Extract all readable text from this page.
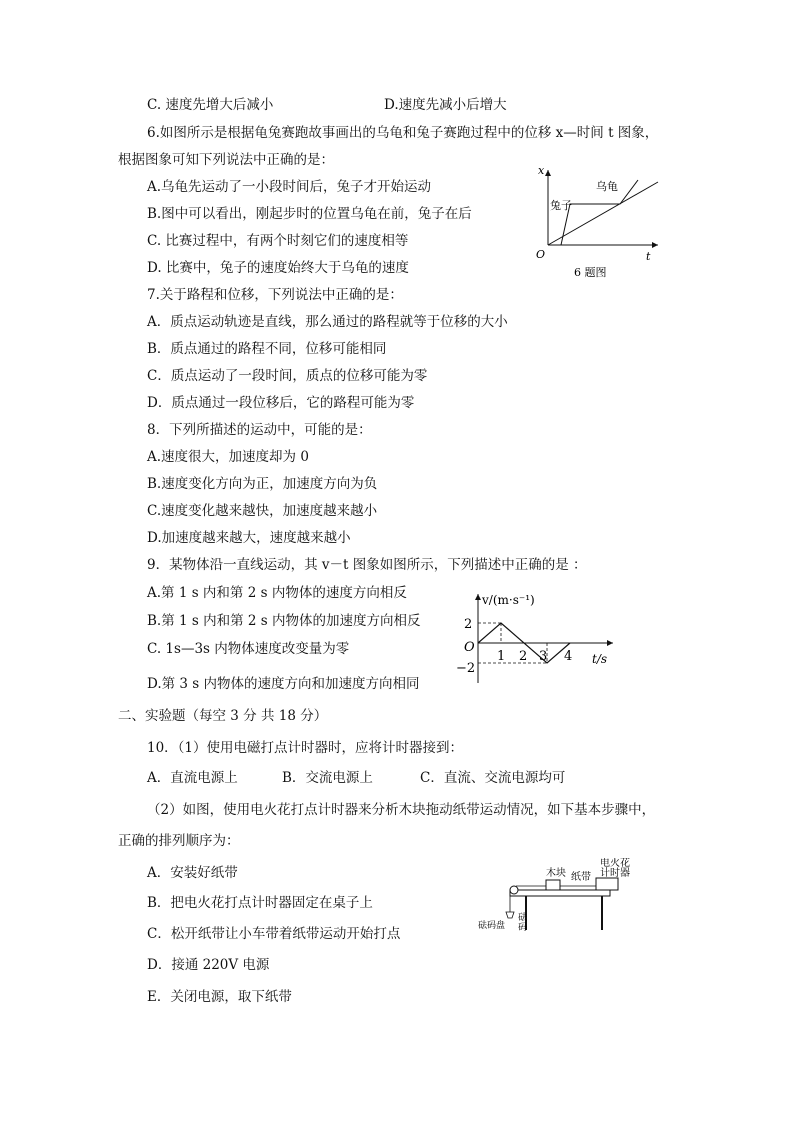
C. 速度先增大后减小	D.速度先减小后增大
6.如图所示是根据龟兔赛跑故事画出的乌龟和兔子赛跑过程中的位移 x—时间 t 图象，
根据图象可知下列说法中正确的是：
A.乌龟先运动了一小段时间后，兔子才开始运动
B.图中可以看出，刚起步时的位置乌龟在前，兔子在后
C. 比赛过程中，有两个时刻它们的速度相等
D. 比赛中，兔子的速度始终大于乌龟的速度
x
t
O
乌龟
兔子
6 题图
7.关于路程和位移，下列说法中正确的是：
A．质点运动轨迹是直线，那么通过的路程就等于位移的大小
B．质点通过的路程不同，位移可能相同
C．质点运动了一段时间，质点的位移可能为零
D．质点通过一段位移后，它的路程可能为零
8．下列所描述的运动中，可能的是：
A.速度很大，加速度却为 0
B.速度变化方向为正，加速度方向为负
C.速度变化越来越快，加速度越来越小
D.加速度越来越大，速度越来越小
9．某物体沿一直线运动，其 v－t 图象如图所示，下列描述中正确的是 ：
A.第 1 s 内和第 2 s 内物体的速度方向相反
B.第 1 s 内和第 2 s 内物体的加速度方向相反
C. 1s—3s 内物体速度改变量为零
D.第 3 s 内物体的速度方向和加速度方向相同
v/(m·s⁻¹)
t/s
O
2
−2
1 2 3 4
二、实验题（每空 3 分 共 18 分）
10．（1）使用电磁打点计时器时，应将计时器接到：
A．直流电源上	B．交流电源上	C．直流、交流电源均可
（2）如图，使用电火花打点计时器来分析木块拖动纸带运动情况，如下基本步骤中，
正确的排列顺序为：
A．安装好纸带
B．把电火花打点计时器固定在桌子上
C．松开纸带让小车带着纸带运动开始打点
D．接通 220V 电源
E．关闭电源，取下纸带
木块 纸带
电火花
计时器
砝码盘
砝
码
